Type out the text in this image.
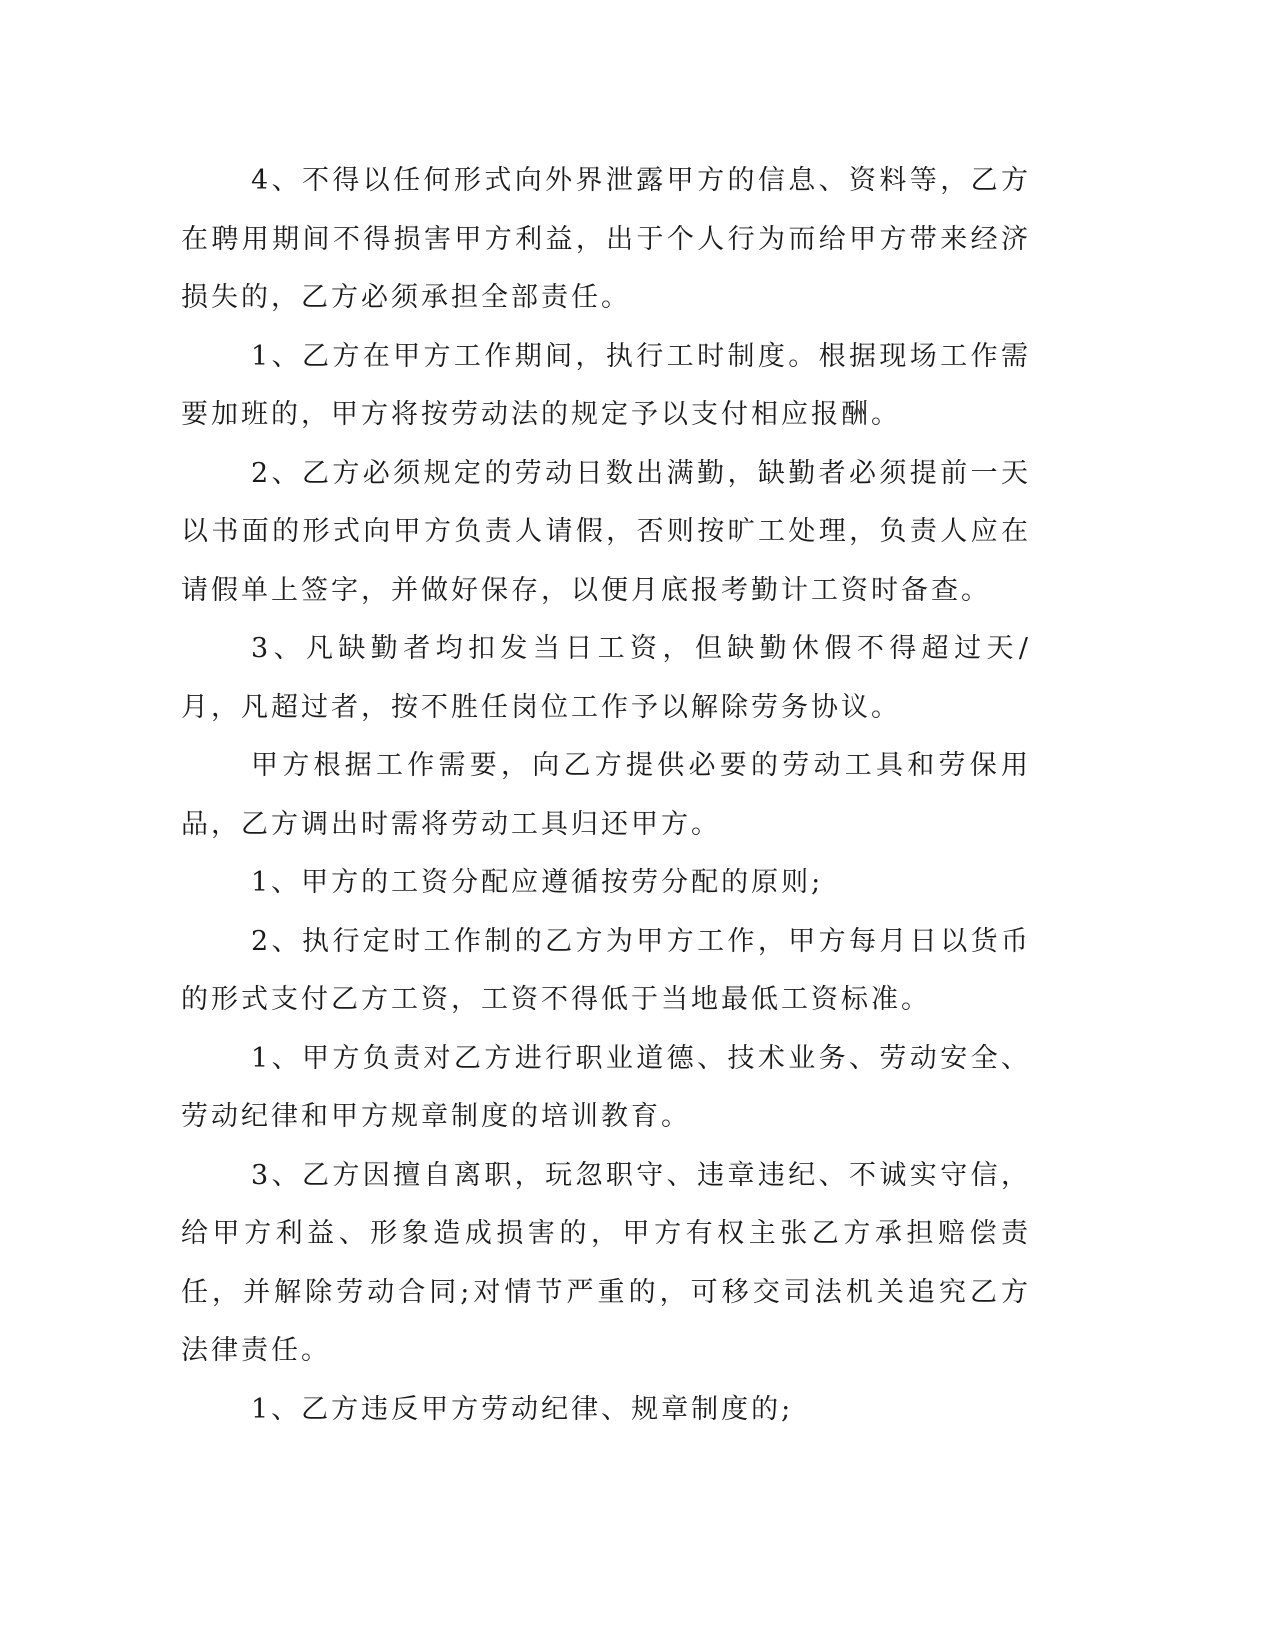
4、不得以任何形式向外界泄露甲方的信息、资料等，乙方在聘用期间不得损害甲方利益，出于个人行为而给甲方带来经济损失的，乙方必须承担全部责任。

1、乙方在甲方工作期间，执行工时制度。根据现场工作需要加班的，甲方将按劳动法的规定予以支付相应报酬。

2、乙方必须规定的劳动日数出满勤，缺勤者必须提前一天以书面的形式向甲方负责人请假，否则按旷工处理，负责人应在请假单上签字，并做好保存，以便月底报考勤计工资时备查。

3、凡缺勤者均扣发当日工资，但缺勤休假不得超过天/月，凡超过者，按不胜任岗位工作予以解除劳务协议。

甲方根据工作需要，向乙方提供必要的劳动工具和劳保用品，乙方调出时需将劳动工具归还甲方。

1、甲方的工资分配应遵循按劳分配的原则;

2、执行定时工作制的乙方为甲方工作，甲方每月日以货币的形式支付乙方工资，工资不得低于当地最低工资标准。

1、甲方负责对乙方进行职业道德、技术业务、劳动安全、劳动纪律和甲方规章制度的培训教育。

3、乙方因擅自离职，玩忽职守、违章违纪、不诚实守信，给甲方利益、形象造成损害的，甲方有权主张乙方承担赔偿责任，并解除劳动合同;对情节严重的，可移交司法机关追究乙方法律责任。

1、乙方违反甲方劳动纪律、规章制度的;
